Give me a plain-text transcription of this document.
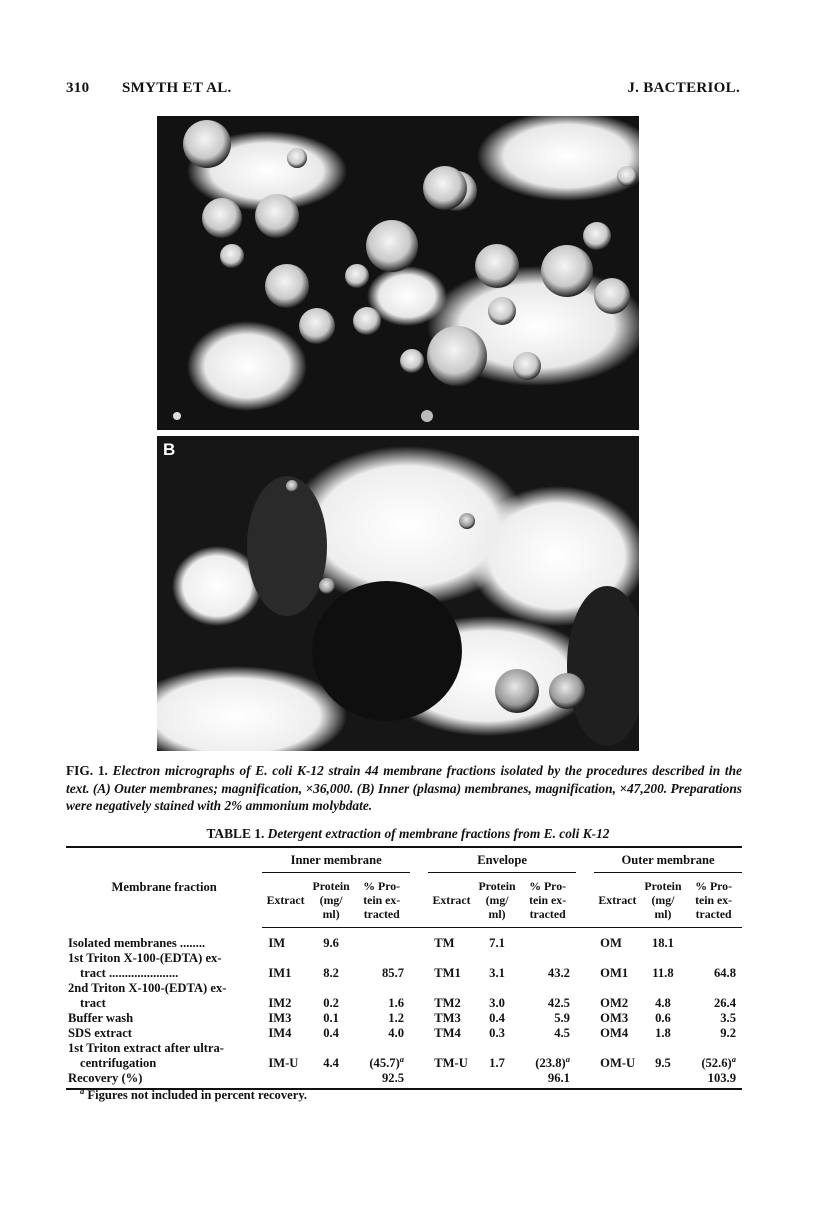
310 SMYTH ET AL.	J. BACTERIOL.
B
FIG. 1. Electron micrographs of E. coli K-12 strain 44 membrane fractions isolated by the procedures described in the text. (A) Outer membranes; magnification, ×36,000. (B) Inner (plasma) membranes, magnification, ×47,200. Preparations were negatively stained with 2% ammonium molybdate.
TABLE 1. Detergent extraction of membrane fractions from E. coli K-12
Membrane fraction	Inner membrane				Envelope				Outer membrane		
	Extract	Protein
(mg/
ml)	% Pro-
tein ex-
tracted		Extract	Protein
(mg/
ml)	% Pro-
tein ex-
tracted		Extract	Protein
(mg/
ml)	% Pro-
tein ex-
tracted
Isolated membranes ........	IM	9.6			TM	7.1			OM	18.1	
1st Triton X-100-(EDTA) ex-
tract ......................	IM1	8.2	85.7		TM1	3.1	43.2		OM1	11.8	64.8
2nd Triton X-100-(EDTA) ex-
tract	IM2	0.2	1.6		TM2	3.0	42.5		OM2	4.8	26.4
Buffer wash	IM3	0.1	1.2		TM3	0.4	5.9		OM3	0.6	3.5
SDS extract	IM4	0.4	4.0		TM4	0.3	4.5		OM4	1.8	9.2
1st Triton extract after ultra-
centrifugation	IM-U	4.4	$(45.7)^a$		TM-U	1.7	$(23.8)^a$		OM-U	9.5	$(52.6)^a$
Recovery (%)			92.5				96.1				103.9
$^a$ Figures not included in percent recovery.
